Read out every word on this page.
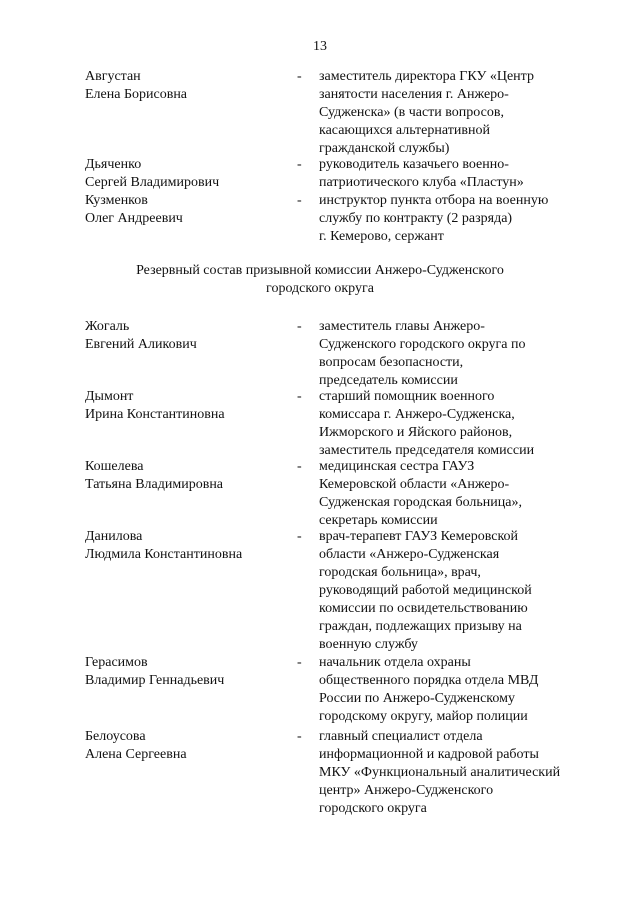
13
Августан
Елена Борисовна
- заместитель директора ГКУ «Центр
занятости населения г. Анжеро-
Судженска» (в части вопросов,
касающихся альтернативной
гражданской службы)
Дьяченко
Сергей Владимирович
- руководитель казачьего военно-
патриотического клуба «Пластун»
Кузменков
Олег Андреевич
- инструктор пункта отбора на военную
службу по контракту (2 разряда)
г. Кемерово, сержант
Резервный состав призывной комиссии Анжеро-Судженского
городского округа
Жогаль
Евгений Аликович
- заместитель главы Анжеро-
Судженского городского округа по
вопросам безопасности,
председатель комиссии
Дымонт
Ирина Константиновна
- старший помощник военного
комиссара г. Анжеро-Судженска,
Ижморского и Яйского районов,
заместитель председателя комиссии
Кошелева
Татьяна Владимировна
- медицинская сестра ГАУЗ
Кемеровской области «Анжеро-
Судженская городская больница»,
секретарь комиссии
Данилова
Людмила Константиновна
- врач-терапевт ГАУЗ Кемеровской
области «Анжеро-Судженская
городская больница», врач,
руководящий работой медицинской
комиссии по освидетельствованию
граждан, подлежащих призыву на
военную службу
Герасимов
Владимир Геннадьевич
- начальник отдела охраны
общественного порядка отдела МВД
России по Анжеро-Судженскому
городскому округу, майор полиции
Белоусова
Алена Сергеевна
- главный специалист отдела
информационной и кадровой работы
МКУ «Функциональный аналитический
центр» Анжеро-Судженского
городского округа
